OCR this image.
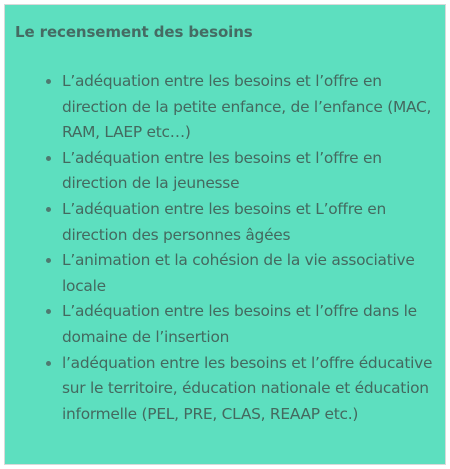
Le recensement des besoins
L’adéquation entre les besoins et l’offre en direction de la petite enfance, de l’enfance (MAC, RAM, LAEP etc…)
L’adéquation entre les besoins et l’offre en direction de la jeunesse
L’adéquation entre les besoins et L’offre en direction des personnes âgées
L’animation et la cohésion de la vie associative locale
L’adéquation entre les besoins et l’offre dans le domaine de l’insertion
l’adéquation entre les besoins et l’offre éducative sur le territoire, éducation nationale et éducation informelle (PEL, PRE, CLAS, REAAP etc.)
